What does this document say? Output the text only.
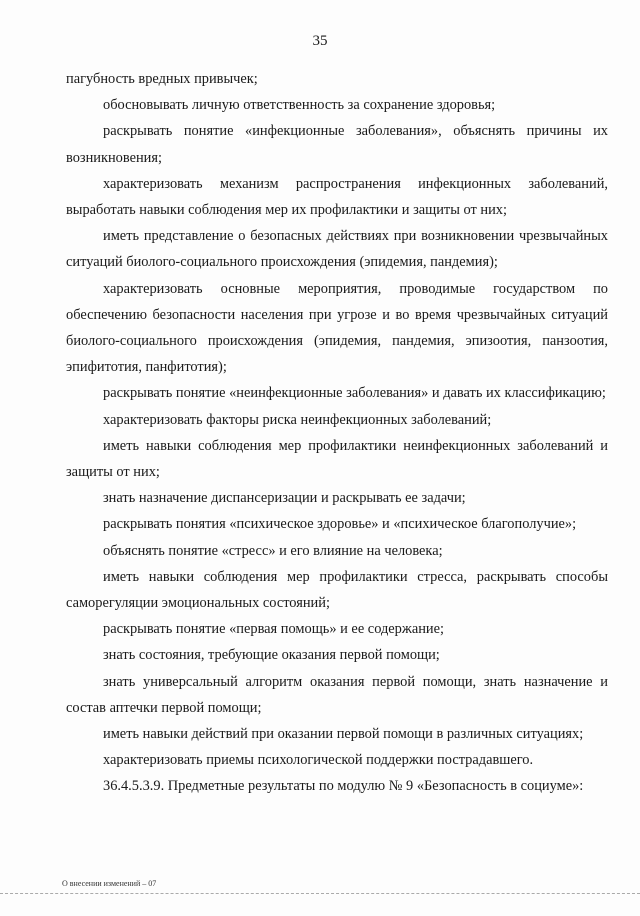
35

пагубность вредных привычек;

обосновывать личную ответственность за сохранение здоровья;

раскрывать понятие «инфекционные заболевания», объяснять причины их возникновения;

характеризовать механизм распространения инфекционных заболеваний, выработать навыки соблюдения мер их профилактики и защиты от них;

иметь представление о безопасных действиях при возникновении чрезвычайных ситуаций биолого-социального происхождения (эпидемия, пандемия);

характеризовать основные мероприятия, проводимые государством по обеспечению безопасности населения при угрозе и во время чрезвычайных ситуаций биолого-социального происхождения (эпидемия, пандемия, эпизоотия, панзоотия, эпифитотия, панфитотия);

раскрывать понятие «неинфекционные заболевания» и давать их классификацию;

характеризовать факторы риска неинфекционных заболеваний;

иметь навыки соблюдения мер профилактики неинфекционных заболеваний и защиты от них;

знать назначение диспансеризации и раскрывать ее задачи;

раскрывать понятия «психическое здоровье» и «психическое благополучие»;

объяснять понятие «стресс» и его влияние на человека;

иметь навыки соблюдения мер профилактики стресса, раскрывать способы саморегуляции эмоциональных состояний;

раскрывать понятие «первая помощь» и ее содержание;

знать состояния, требующие оказания первой помощи;

знать универсальный алгоритм оказания первой помощи, знать назначение и состав аптечки первой помощи;

иметь навыки действий при оказании первой помощи в различных ситуациях;

характеризовать приемы психологической поддержки пострадавшего.

36.4.5.3.9. Предметные результаты по модулю № 9 «Безопасность в социуме»:

О внесении изменений – 07
